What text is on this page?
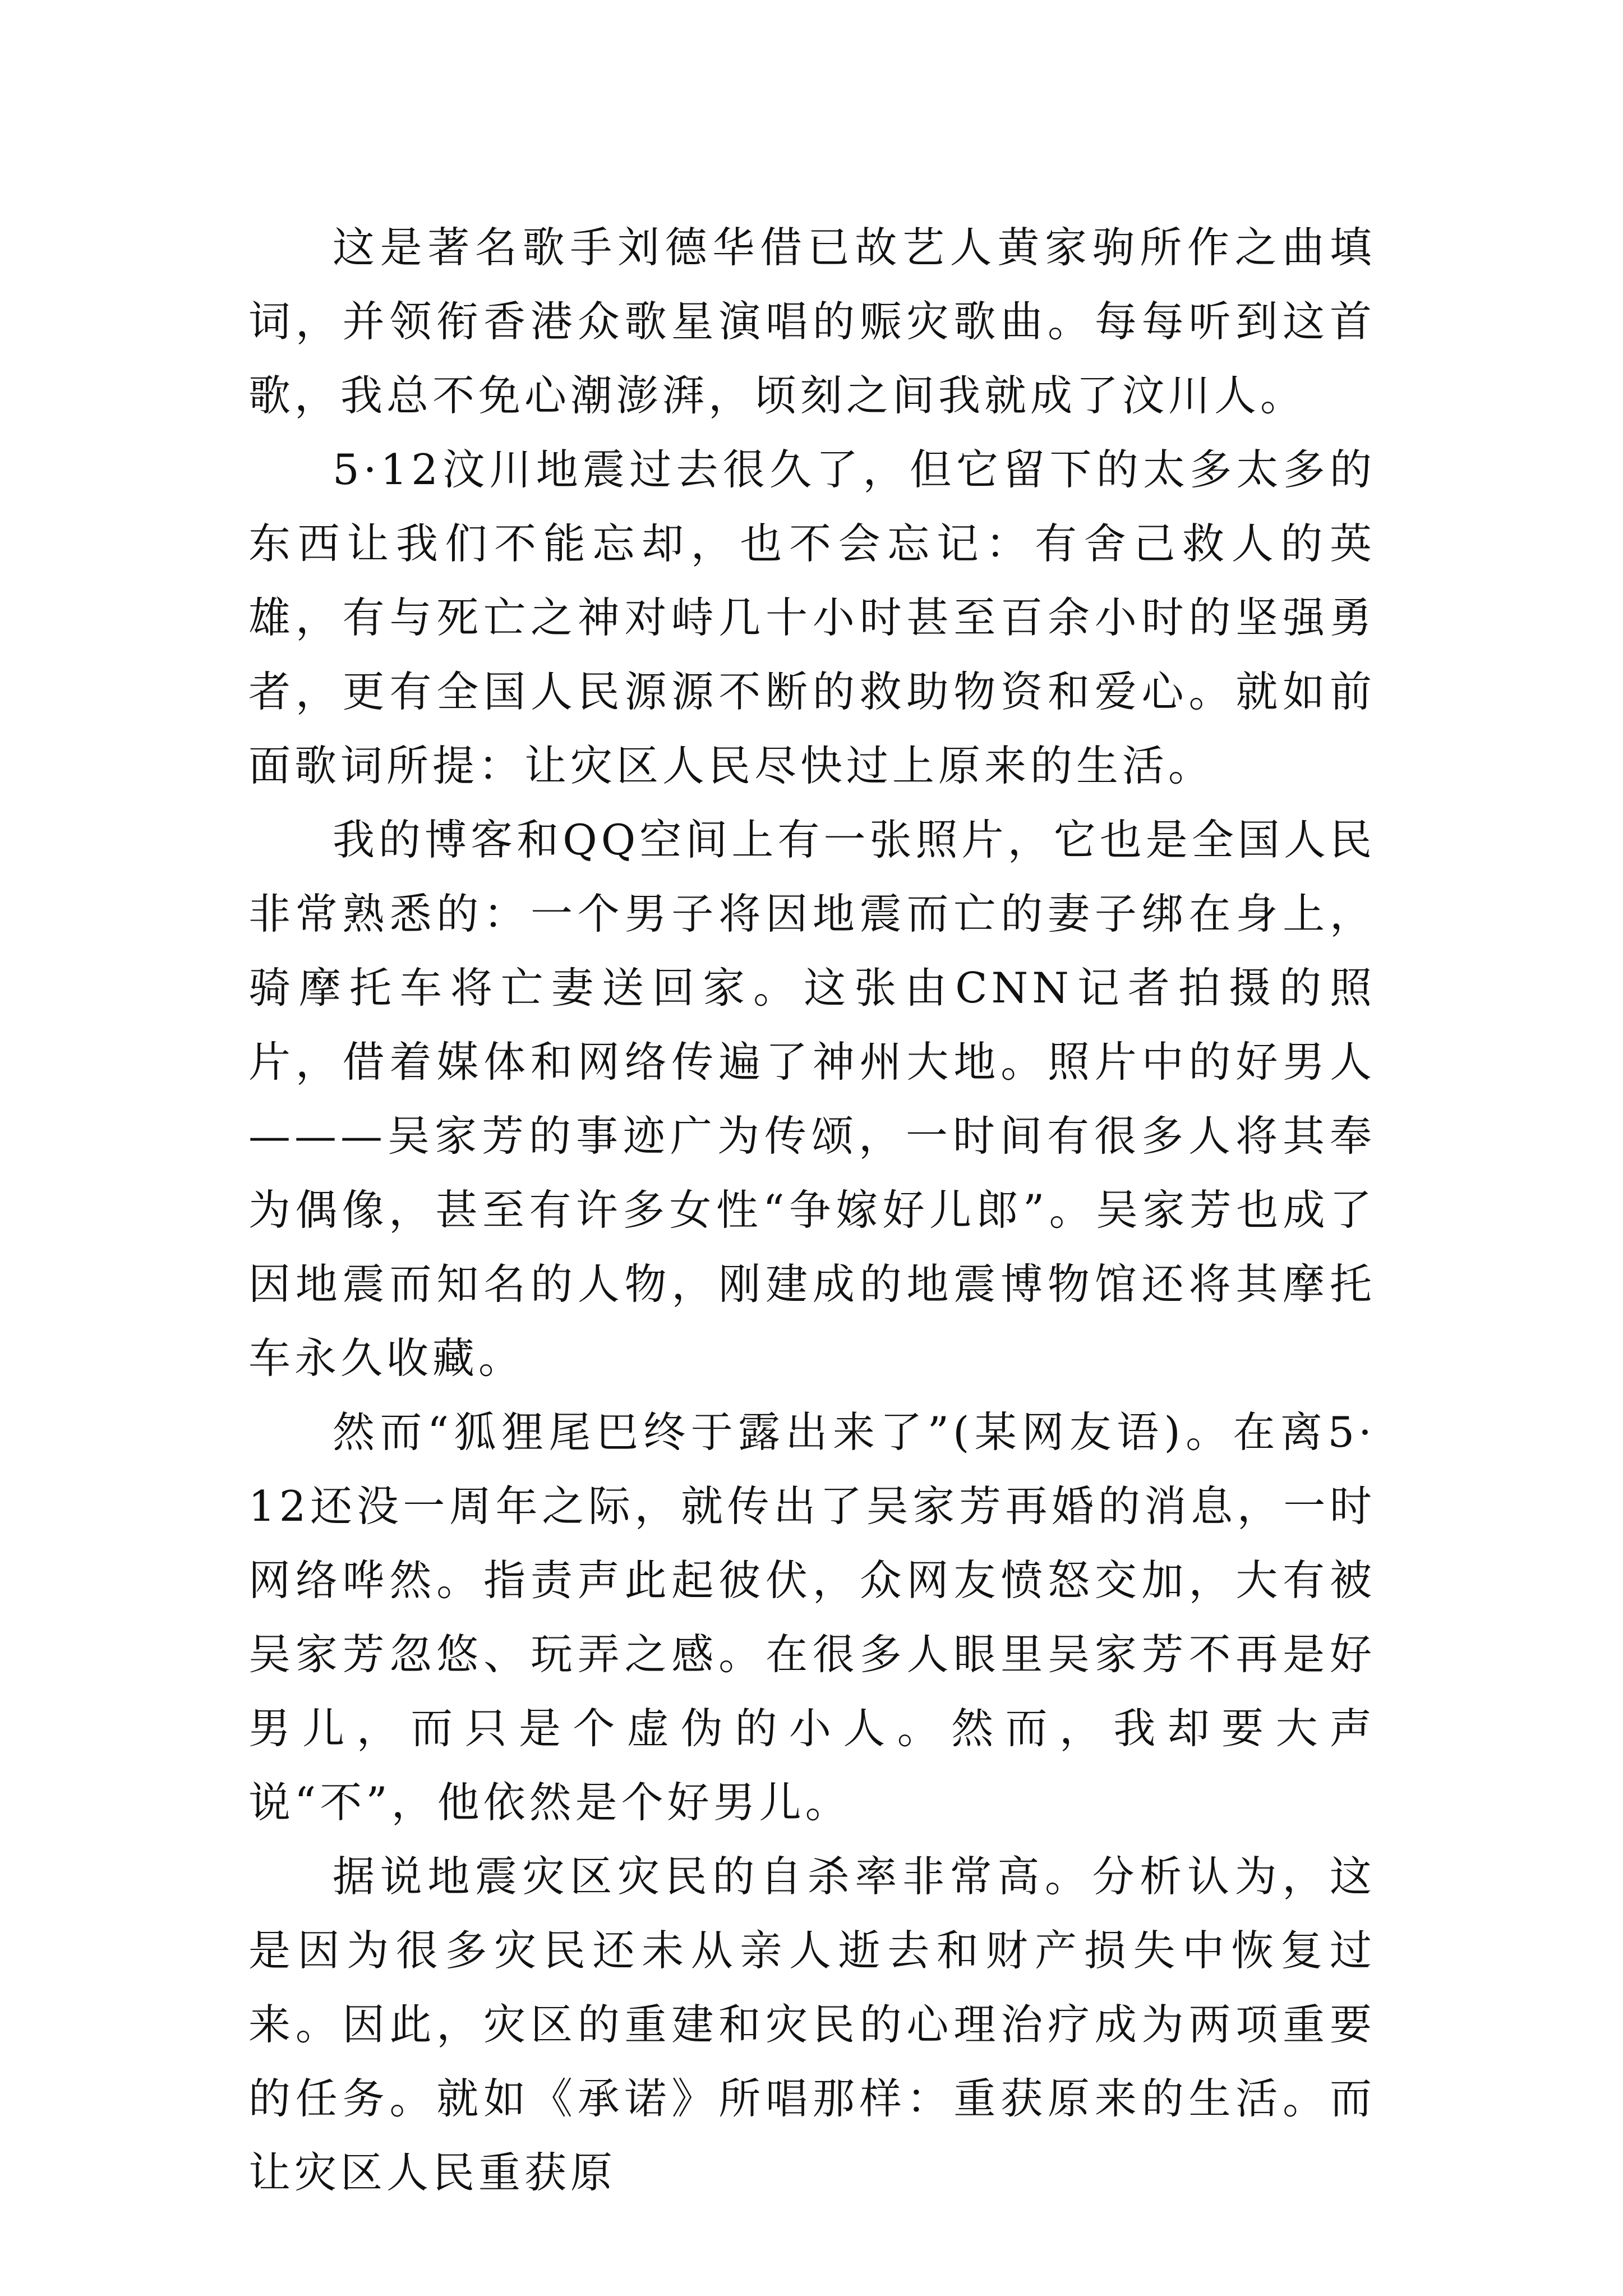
这是著名歌手刘德华借已故艺人黄家驹所作之曲填词，并领衔香港众歌星演唱的赈灾歌曲。每每听到这首歌，我总不免心潮澎湃，顷刻之间我就成了汶川人。

5·12汶川地震过去很久了，但它留下的太多太多的东西让我们不能忘却，也不会忘记：有舍己救人的英雄，有与死亡之神对峙几十小时甚至百余小时的坚强勇者，更有全国人民源源不断的救助物资和爱心。就如前面歌词所提：让灾区人民尽快过上原来的生活。

我的博客和QQ空间上有一张照片，它也是全国人民非常熟悉的：一个男子将因地震而亡的妻子绑在身上，骑摩托车将亡妻送回家。这张由CNN记者拍摄的照片，借着媒体和网络传遍了神州大地。照片中的好男人———吴家芳的事迹广为传颂，一时间有很多人将其奉为偶像，甚至有许多女性“争嫁好儿郎”。吴家芳也成了因地震而知名的人物，刚建成的地震博物馆还将其摩托车永久收藏。

然而“狐狸尾巴终于露出来了”(某网友语)。在离5·12还没一周年之际，就传出了吴家芳再婚的消息，一时网络哗然。指责声此起彼伏，众网友愤怒交加，大有被吴家芳忽悠、玩弄之感。在很多人眼里吴家芳不再是好男儿，而只是个虚伪的小人。然而，我却要大声说“不”，他依然是个好男儿。

据说地震灾区灾民的自杀率非常高。分析认为，这是因为很多灾民还未从亲人逝去和财产损失中恢复过来。因此，灾区的重建和灾民的心理治疗成为两项重要的任务。就如《承诺》所唱那样：重获原来的生活。而让灾区人民重获原
